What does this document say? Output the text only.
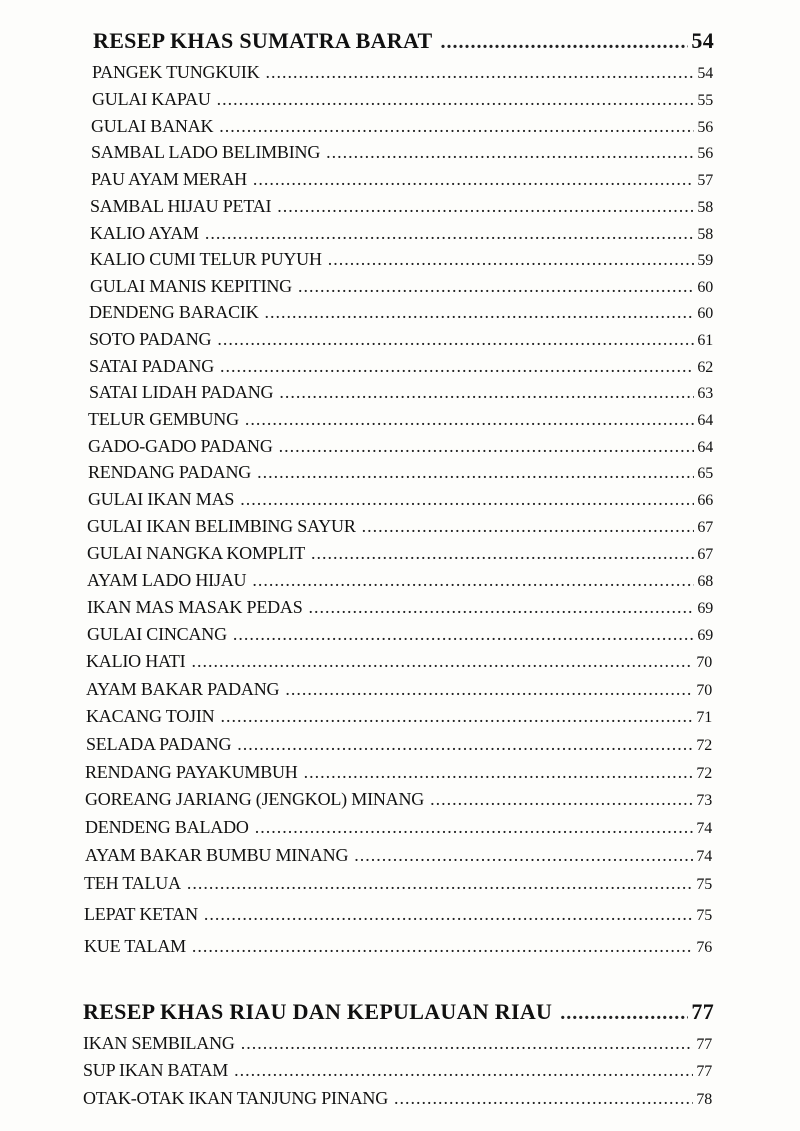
RESEP KHAS SUMATRA BARAT .....	54
PANGEK TUNGKUIK .....	54
GULAI KAPAU .....	55
GULAI BANAK .....	56
SAMBAL LADO BELIMBING .....	56
PAU AYAM MERAH .....	57
SAMBAL HIJAU PETAI .....	58
KALIO AYAM .....	58
KALIO CUMI TELUR PUYUH .....	59
GULAI MANIS KEPITING .....	60
DENDENG BARACIK .....	60
SOTO PADANG .....	61
SATAI PADANG .....	62
SATAI LIDAH PADANG .....	63
TELUR GEMBUNG .....	64
GADO-GADO PADANG .....	64
RENDANG PADANG .....	65
GULAI IKAN MAS .....	66
GULAI IKAN BELIMBING SAYUR .....	67
GULAI NANGKA KOMPLIT .....	67
AYAM LADO HIJAU .....	68
IKAN MAS MASAK PEDAS .....	69
GULAI CINCANG .....	69
KALIO HATI .....	70
AYAM BAKAR PADANG .....	70
KACANG TOJIN .....	71
SELADA PADANG .....	72
RENDANG PAYAKUMBUH .....	72
GOREANG JARIANG (JENGKOL) MINANG .....	73
DENDENG BALADO .....	74
AYAM BAKAR BUMBU MINANG .....	74
TEH TALUA .....	75
LEPAT KETAN .....	75
KUE TALAM .....	76
RESEP KHAS RIAU DAN KEPULAUAN RIAU .....	77
IKAN SEMBILANG .....	77
SUP IKAN BATAM .....	77
OTAK-OTAK IKAN TANJUNG PINANG .....	78
